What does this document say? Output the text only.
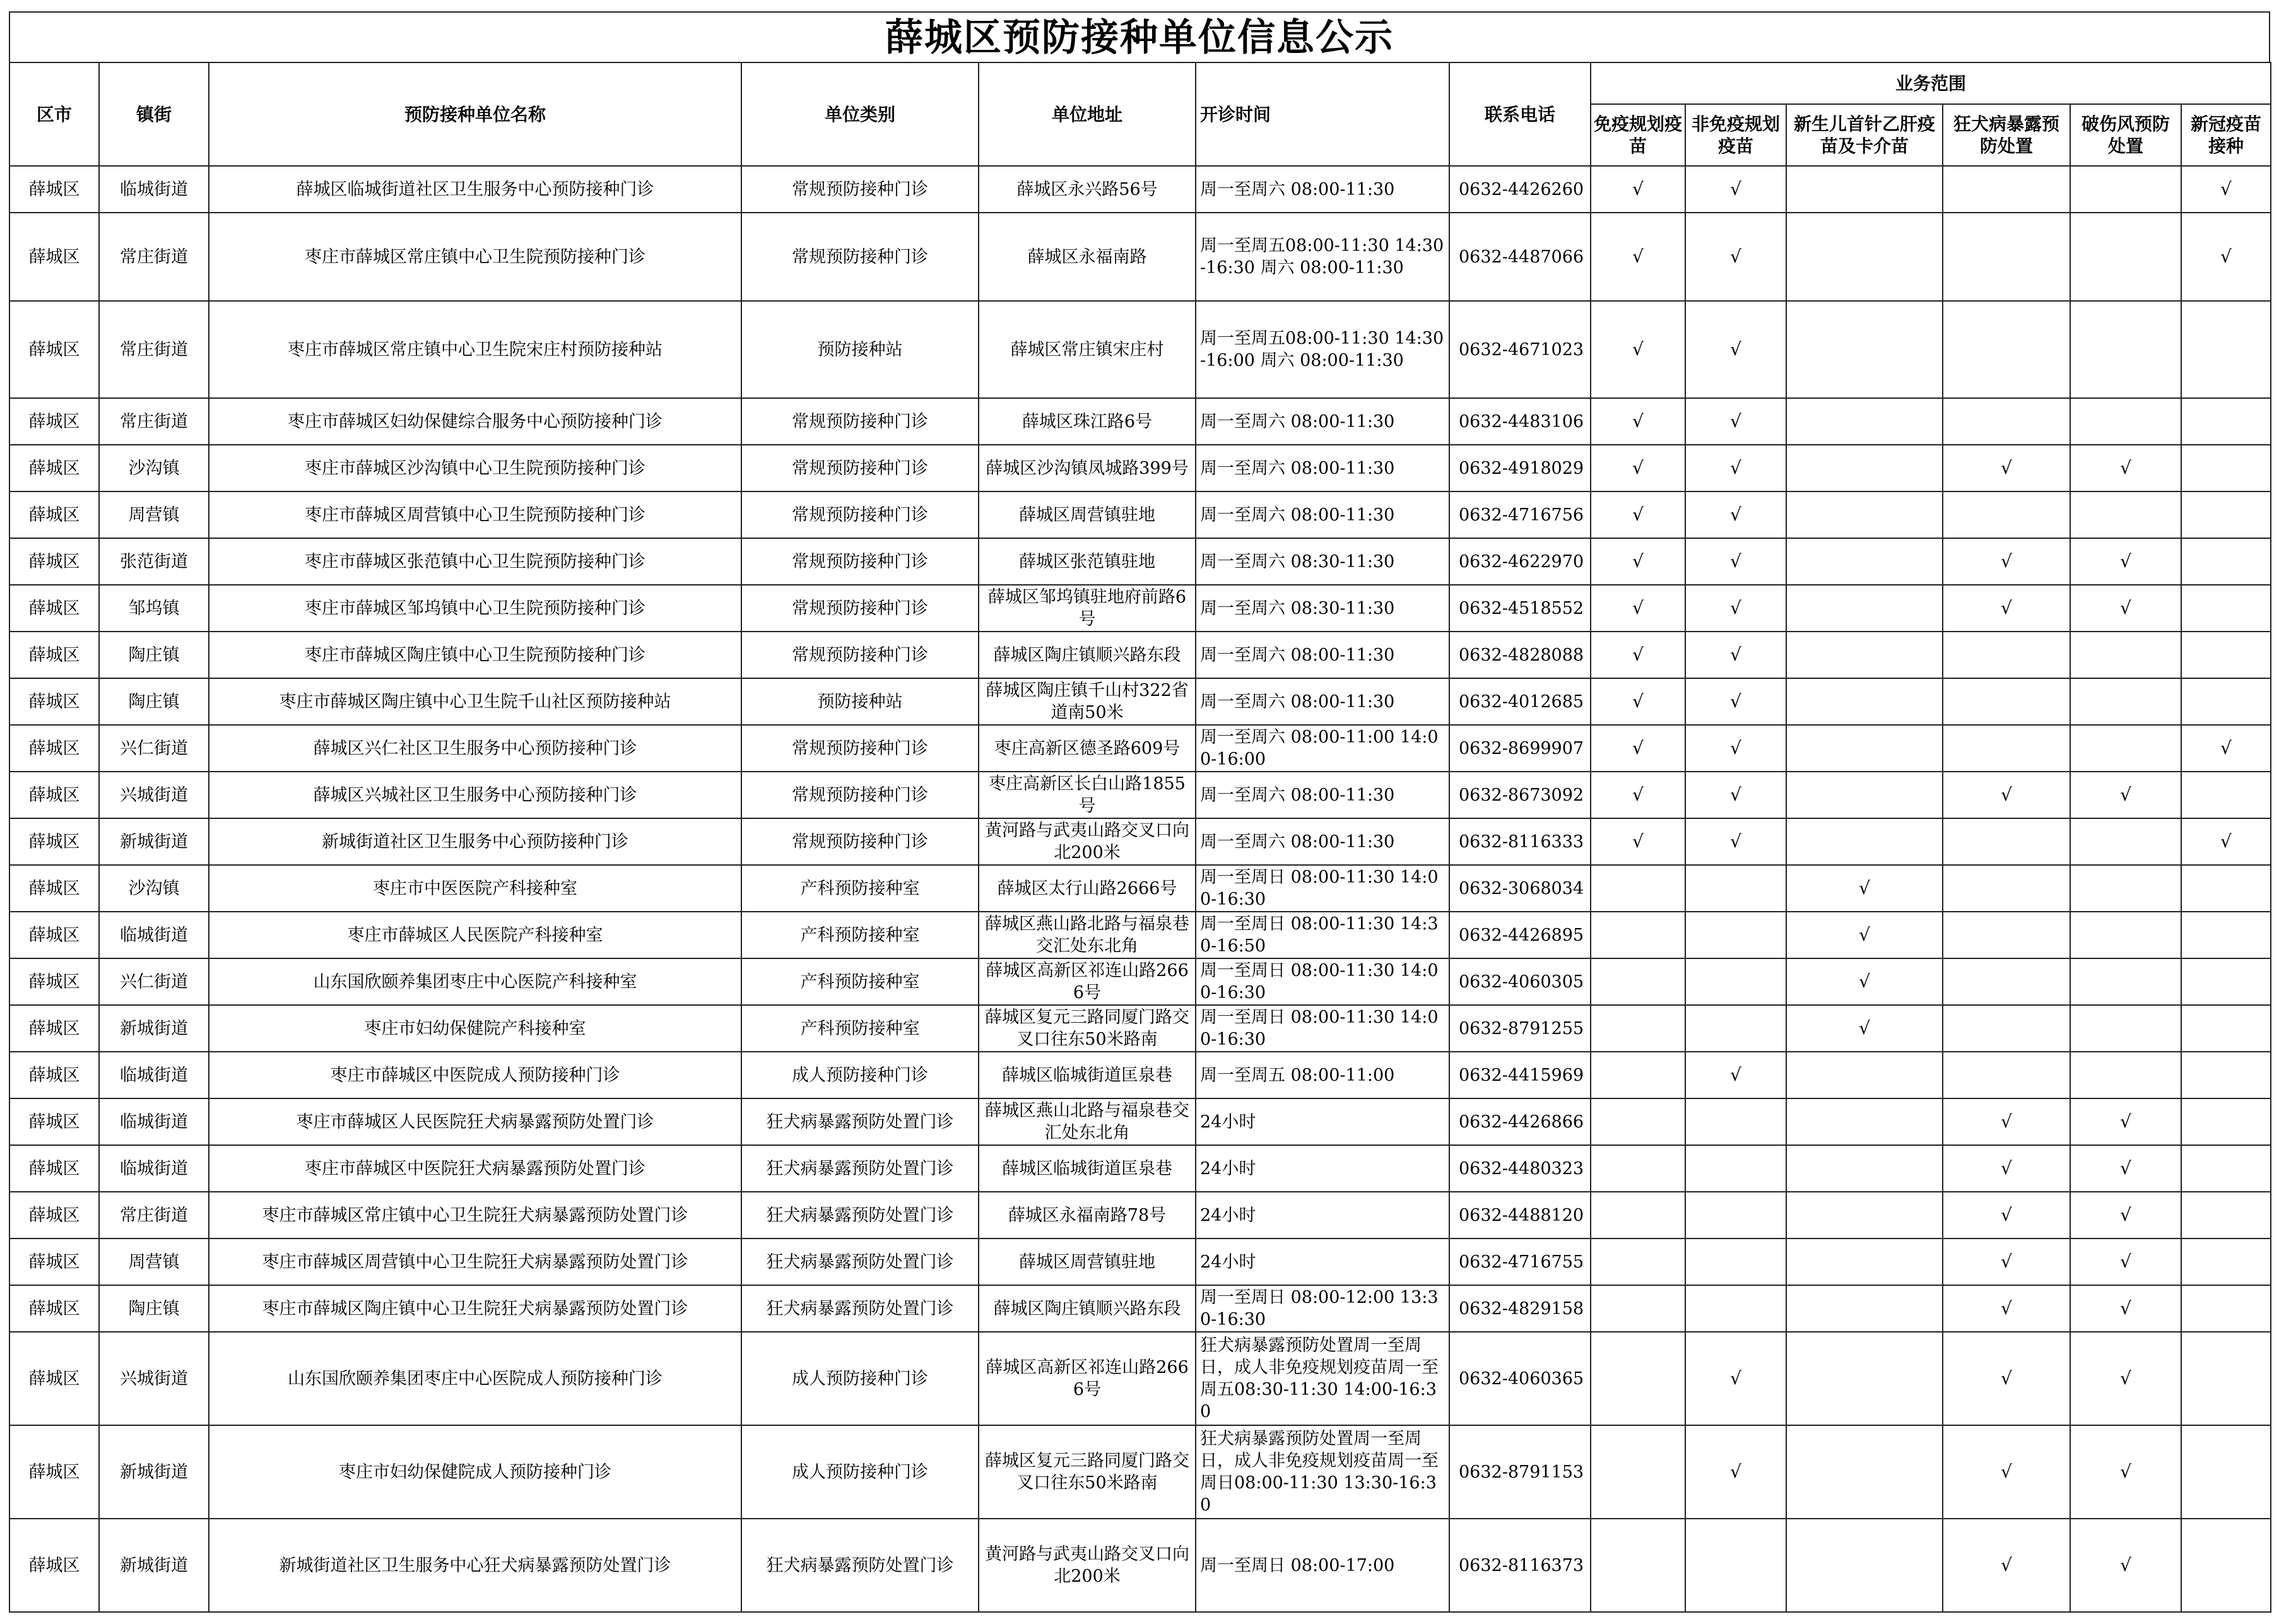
薛城区预防接种单位信息公示
区市	镇街	预防接种单位名称	单位类别	单位地址	开诊时间	联系电话	业务范围					
							免疫规划疫苗	非免疫规划疫苗	新生儿首针乙肝疫苗及卡介苗	狂犬病暴露预防处置	破伤风预防处置	新冠疫苗接种
薛城区	临城街道	薛城区临城街道社区卫生服务中心预防接种门诊	常规预防接种门诊	薛城区永兴路56号	周一至周六 08:00-11:30	0632-4426260	√	√				√
薛城区	常庄街道	枣庄市薛城区常庄镇中心卫生院预防接种门诊	常规预防接种门诊	薛城区永福南路	周一至周五08:00-11:30 14:30-16:30 周六 08:00-11:30	0632-4487066	√	√				√
薛城区	常庄街道	枣庄市薛城区常庄镇中心卫生院宋庄村预防接种站	预防接种站	薛城区常庄镇宋庄村	周一至周五08:00-11:30 14:30-16:00 周六 08:00-11:30	0632-4671023	√	√				
薛城区	常庄街道	枣庄市薛城区妇幼保健综合服务中心预防接种门诊	常规预防接种门诊	薛城区珠江路6号	周一至周六 08:00-11:30	0632-4483106	√	√				
薛城区	沙沟镇	枣庄市薛城区沙沟镇中心卫生院预防接种门诊	常规预防接种门诊	薛城区沙沟镇凤城路399号	周一至周六 08:00-11:30	0632-4918029	√	√		√	√	
薛城区	周营镇	枣庄市薛城区周营镇中心卫生院预防接种门诊	常规预防接种门诊	薛城区周营镇驻地	周一至周六 08:00-11:30	0632-4716756	√	√				
薛城区	张范街道	枣庄市薛城区张范镇中心卫生院预防接种门诊	常规预防接种门诊	薛城区张范镇驻地	周一至周六 08:30-11:30	0632-4622970	√	√		√	√	
薛城区	邹坞镇	枣庄市薛城区邹坞镇中心卫生院预防接种门诊	常规预防接种门诊	薛城区邹坞镇驻地府前路6号	周一至周六 08:30-11:30	0632-4518552	√	√		√	√	
薛城区	陶庄镇	枣庄市薛城区陶庄镇中心卫生院预防接种门诊	常规预防接种门诊	薛城区陶庄镇顺兴路东段	周一至周六 08:00-11:30	0632-4828088	√	√				
薛城区	陶庄镇	枣庄市薛城区陶庄镇中心卫生院千山社区预防接种站	预防接种站	薛城区陶庄镇千山村322省道南50米	周一至周六 08:00-11:30	0632-4012685	√	√				
薛城区	兴仁街道	薛城区兴仁社区卫生服务中心预防接种门诊	常规预防接种门诊	枣庄高新区德圣路609号	周一至周六 08:00-11:00 14:00-16:00	0632-8699907	√	√				√
薛城区	兴城街道	薛城区兴城社区卫生服务中心预防接种门诊	常规预防接种门诊	枣庄高新区长白山路1855号	周一至周六 08:00-11:30	0632-8673092	√	√		√	√	
薛城区	新城街道	新城街道社区卫生服务中心预防接种门诊	常规预防接种门诊	黄河路与武夷山路交叉口向北200米	周一至周六 08:00-11:30	0632-8116333	√	√				√
薛城区	沙沟镇	枣庄市中医医院产科接种室	产科预防接种室	薛城区太行山路2666号	周一至周日 08:00-11:30 14:00-16:30	0632-3068034			√			
薛城区	临城街道	枣庄市薛城区人民医院产科接种室	产科预防接种室	薛城区燕山路北路与福泉巷交汇处东北角	周一至周日 08:00-11:30 14:30-16:50	0632-4426895			√			
薛城区	兴仁街道	山东国欣颐养集团枣庄中心医院产科接种室	产科预防接种室	薛城区高新区祁连山路2666号	周一至周日 08:00-11:30 14:00-16:30	0632-4060305			√			
薛城区	新城街道	枣庄市妇幼保健院产科接种室	产科预防接种室	薛城区复元三路同厦门路交叉口往东50米路南	周一至周日 08:00-11:30 14:00-16:30	0632-8791255			√			
薛城区	临城街道	枣庄市薛城区中医院成人预防接种门诊	成人预防接种门诊	薛城区临城街道匡泉巷	周一至周五 08:00-11:00	0632-4415969		√				
薛城区	临城街道	枣庄市薛城区人民医院狂犬病暴露预防处置门诊	狂犬病暴露预防处置门诊	薛城区燕山北路与福泉巷交汇处东北角	24小时	0632-4426866				√	√	
薛城区	临城街道	枣庄市薛城区中医院狂犬病暴露预防处置门诊	狂犬病暴露预防处置门诊	薛城区临城街道匡泉巷	24小时	0632-4480323				√	√	
薛城区	常庄街道	枣庄市薛城区常庄镇中心卫生院狂犬病暴露预防处置门诊	狂犬病暴露预防处置门诊	薛城区永福南路78号	24小时	0632-4488120				√	√	
薛城区	周营镇	枣庄市薛城区周营镇中心卫生院狂犬病暴露预防处置门诊	狂犬病暴露预防处置门诊	薛城区周营镇驻地	24小时	0632-4716755				√	√	
薛城区	陶庄镇	枣庄市薛城区陶庄镇中心卫生院狂犬病暴露预防处置门诊	狂犬病暴露预防处置门诊	薛城区陶庄镇顺兴路东段	周一至周日 08:00-12:00 13:30-16:30	0632-4829158				√	√	
薛城区	兴城街道	山东国欣颐养集团枣庄中心医院成人预防接种门诊	成人预防接种门诊	薛城区高新区祁连山路2666号	狂犬病暴露预防处置周一至周日，成人非免疫规划疫苗周一至周五08:30-11:30 14:00-16:30	0632-4060365		√		√	√	
薛城区	新城街道	枣庄市妇幼保健院成人预防接种门诊	成人预防接种门诊	薛城区复元三路同厦门路交叉口往东50米路南	狂犬病暴露预防处置周一至周日，成人非免疫规划疫苗周一至周日08:00-11:30 13:30-16:30	0632-8791153		√		√	√	
薛城区	新城街道	新城街道社区卫生服务中心狂犬病暴露预防处置门诊	狂犬病暴露预防处置门诊	黄河路与武夷山路交叉口向北200米	周一至周日 08:00-17:00	0632-8116373				√	√	
